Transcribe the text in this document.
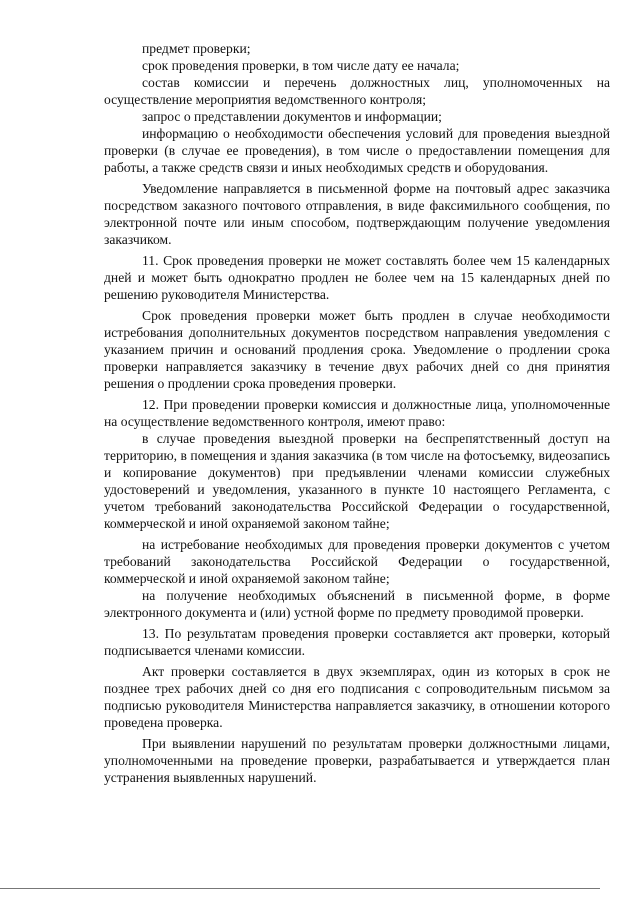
предмет проверки;

срок проведения проверки, в том числе дату ее начала;

состав комиссии и перечень должностных лиц, уполномоченных на осуществление мероприятия ведомственного контроля;

запрос о представлении документов и информации;

информацию о необходимости обеспечения условий для проведения выездной проверки (в случае ее проведения), в том числе о предоставлении помещения для работы, а также средств связи и иных необходимых средств и оборудования.

Уведомление направляется в письменной форме на почтовый адрес заказчика посредством заказного почтового отправления, в виде факсимильного сообщения, по электронной почте или иным способом, подтверждающим получение уведомления заказчиком.

11. Срок проведения проверки не может составлять более чем 15 календарных дней и может быть однократно продлен не более чем на 15 календарных дней по решению руководителя Министерства.

Срок проведения проверки может быть продлен в случае необходимости истребования дополнительных документов посредством направления уведомления с указанием причин и оснований продления срока. Уведомление о продлении срока проверки направляется заказчику в течение двух рабочих дней со дня принятия решения о продлении срока проведения проверки.

12. При проведении проверки комиссия и должностные лица, уполномоченные на осуществление ведомственного контроля, имеют право:

в случае проведения выездной проверки на беспрепятственный доступ на территорию, в помещения и здания заказчика (в том числе на фотосъемку, видеозапись и копирование документов) при предъявлении членами комиссии служебных удостоверений и уведомления, указанного в пункте 10 настоящего Регламента, с учетом требований законодательства Российской Федерации о государственной, коммерческой и иной охраняемой законом тайне;

на истребование необходимых для проведения проверки документов с учетом требований законодательства Российской Федерации о государственной, коммерческой и иной охраняемой законом тайне;

на получение необходимых объяснений в письменной форме, в форме электронного документа и (или) устной форме по предмету проводимой проверки.

13. По результатам проведения проверки составляется акт проверки, который подписывается членами комиссии.

Акт проверки составляется в двух экземплярах, один из которых в срок не позднее трех рабочих дней со дня его подписания с сопроводительным письмом за подписью руководителя Министерства направляется заказчику, в отношении которого проведена проверка.

При выявлении нарушений по результатам проверки должностными лицами, уполномоченными на проведение проверки, разрабатывается и утверждается план устранения выявленных нарушений.
